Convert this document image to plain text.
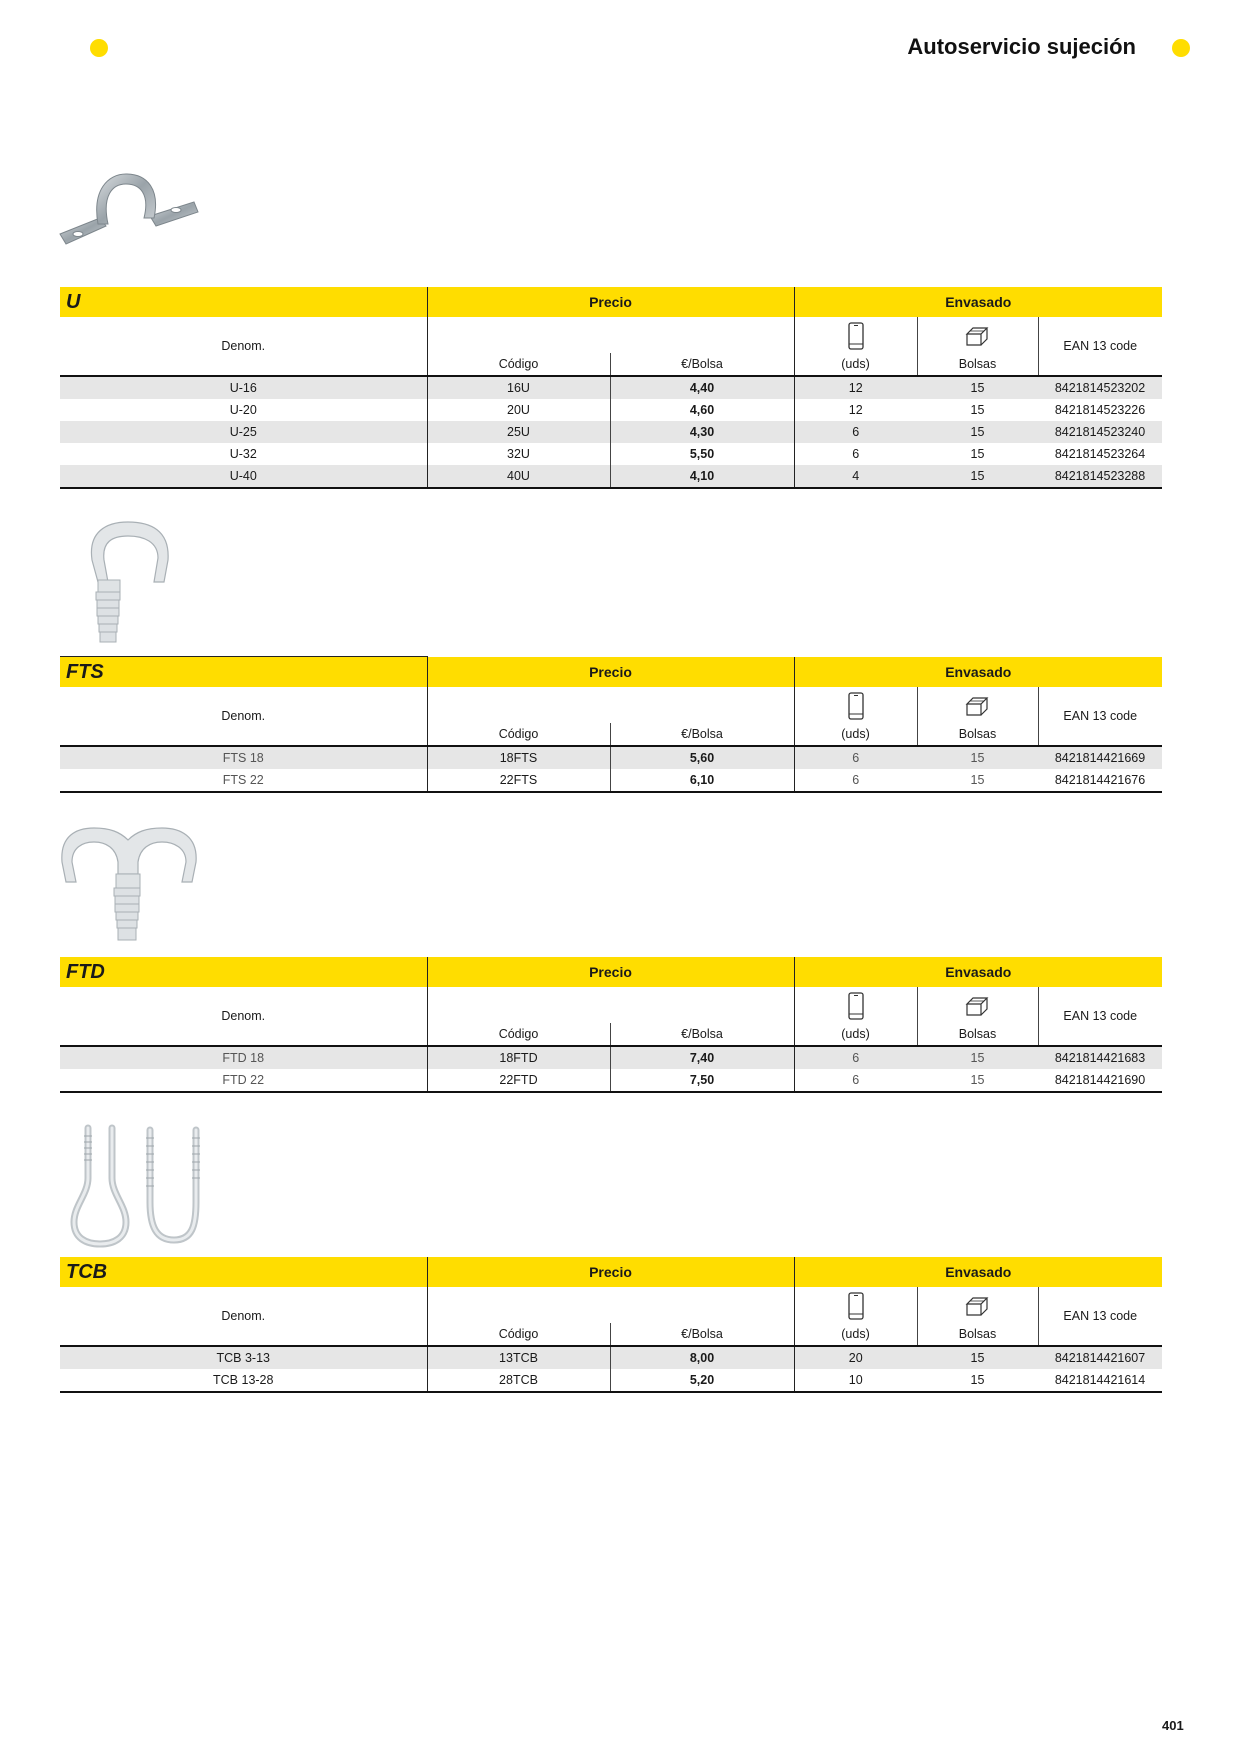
Autoservicio sujeción
U	Precio		Envasado		
Denom.					EAN 13 code
	Código	€/Bolsa	(uds)	Bolsas	
U-16	16U	4,40	12	15	8421814523202
U-20	20U	4,60	12	15	8421814523226
U-25	25U	4,30	6	15	8421814523240
U-32	32U	5,50	6	15	8421814523264
U-40	40U	4,10	4	15	8421814523288
FTS	Precio		Envasado		
Denom.					EAN 13 code
	Código	€/Bolsa	(uds)	Bolsas	
FTS 18	18FTS	5,60	6	15	8421814421669
FTS 22	22FTS	6,10	6	15	8421814421676
FTD	Precio		Envasado		
Denom.					EAN 13 code
	Código	€/Bolsa	(uds)	Bolsas	
FTD 18	18FTD	7,40	6	15	8421814421683
FTD 22	22FTD	7,50	6	15	8421814421690
TCB	Precio		Envasado		
Denom.					EAN 13 code
	Código	€/Bolsa	(uds)	Bolsas	
TCB 3-13	13TCB	8,00	20	15	8421814421607
TCB 13-28	28TCB	5,20	10	15	8421814421614
401
